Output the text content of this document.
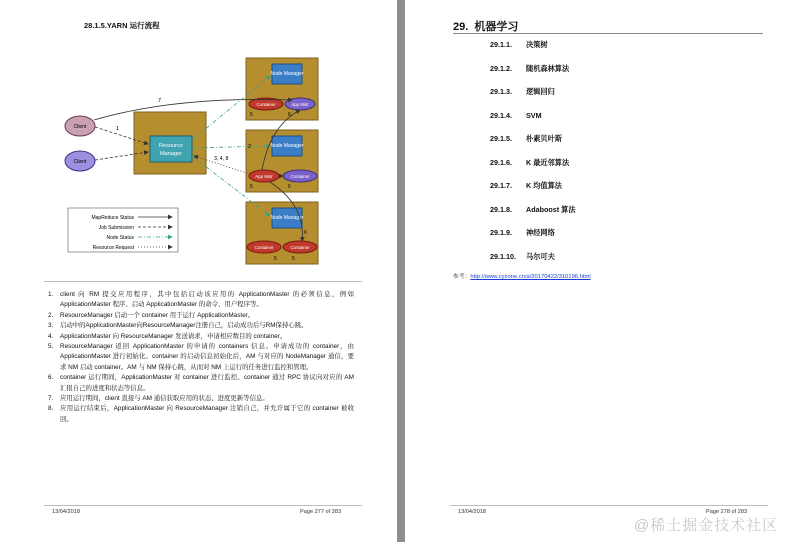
28.1.5.YARN 运行流程
Resource
Manager
Node Manager
Node Manager
Node Manager
Container	App Mstr
App Mstr	Container
Container	Container
Client
Client
7
1
2
3, 4, 8
5	6
5	6
6
5	5
MapReduce Status
Job Submission
Node Status
Resource Request
1. client 向 RM 提交应用程序，其中包括启动该应用的 ApplicationMaster 的必须信息，例如 ApplicationMaster 程序、启动 ApplicationMaster 的命令、用户程序等。
2. ResourceManager 启动一个 container 用于运行 ApplicationMaster。
3. 启动中的ApplicationMaster向ResourceManager注册自己，启动成功后与RM保持心跳。
4. ApplicationMaster 向 ResourceManager 发送请求，申请相应数目的 container。
5. ResourceManager 返回 ApplicationMaster 的申请的 containers 信息。申请成功的 container，由 ApplicationMaster 进行初始化。container 的启动信息初始化后，AM 与对应的 NodeManager 通信，要求 NM 启动 container。AM 与 NM 保持心跳，从而对 NM 上运行的任务进行监控和管理。
6. container 运行期间，ApplicationMaster 对 container 进行监控。container 通过 RPC 协议向对应的 AM 汇报自己的进度和状态等信息。
7. 应用运行期间，client 直接与 AM 通信获取应用的状态、进度更新等信息。
8. 应用运行结束后，ApplicationMaster 向 ResourceManager 注销自己，并允许属于它的 container 被收回。
13/04/2018	Page 277 of 283
29. 机器学习
29.1.1.	决策树
29.1.2.	随机森林算法
29.1.3.	逻辑回归
29.1.4.	SVM
29.1.5.	朴素贝叶斯
29.1.6.	K 最近邻算法
29.1.7.	K 均值算法
29.1.8.	Adaboost 算法
29.1.9.	神经网络
29.1.10.	马尔可夫
参考：http://www.cyzone.cn/a/20170422/310196.html
13/04/2018	Page 278 of 283
@稀土掘金技术社区
